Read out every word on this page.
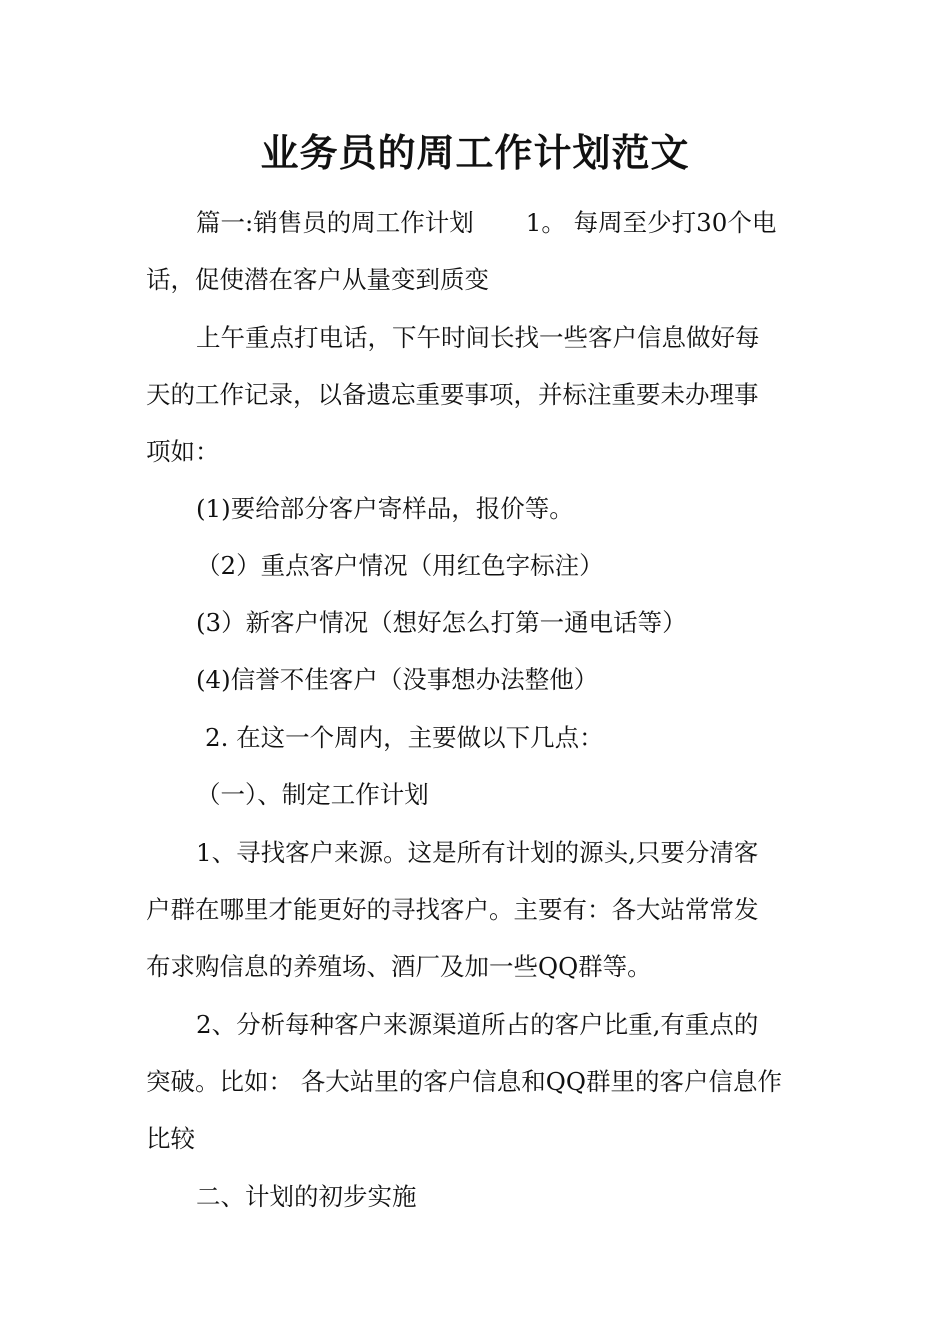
业务员的周工作计划范文
篇一:销售员的周工作计划 1。 每周至少打30个电
话，促使潜在客户从量变到质变
上午重点打电话，下午时间长找一些客户信息做好每
天的工作记录，以备遗忘重要事项，并标注重要未办理事
项如：
(1)要给部分客户寄样品，报价等。
（2）重点客户情况（用红色字标注）
(3）新客户情况（想好怎么打第一通电话等）
(4)信誉不佳客户（没事想办法整他）
2. 在这一个周内，主要做以下几点：
（一）、制定工作计划
1、寻找客户来源。这是所有计划的源头,只要分清客
户群在哪里才能更好的寻找客户。主要有：各大站常常发
布求购信息的养殖场、酒厂及加一些QQ群等。
2、分析每种客户来源渠道所占的客户比重,有重点的
突破。比如： 各大站里的客户信息和QQ群里的客户信息作
比较
二、计划的初步实施
